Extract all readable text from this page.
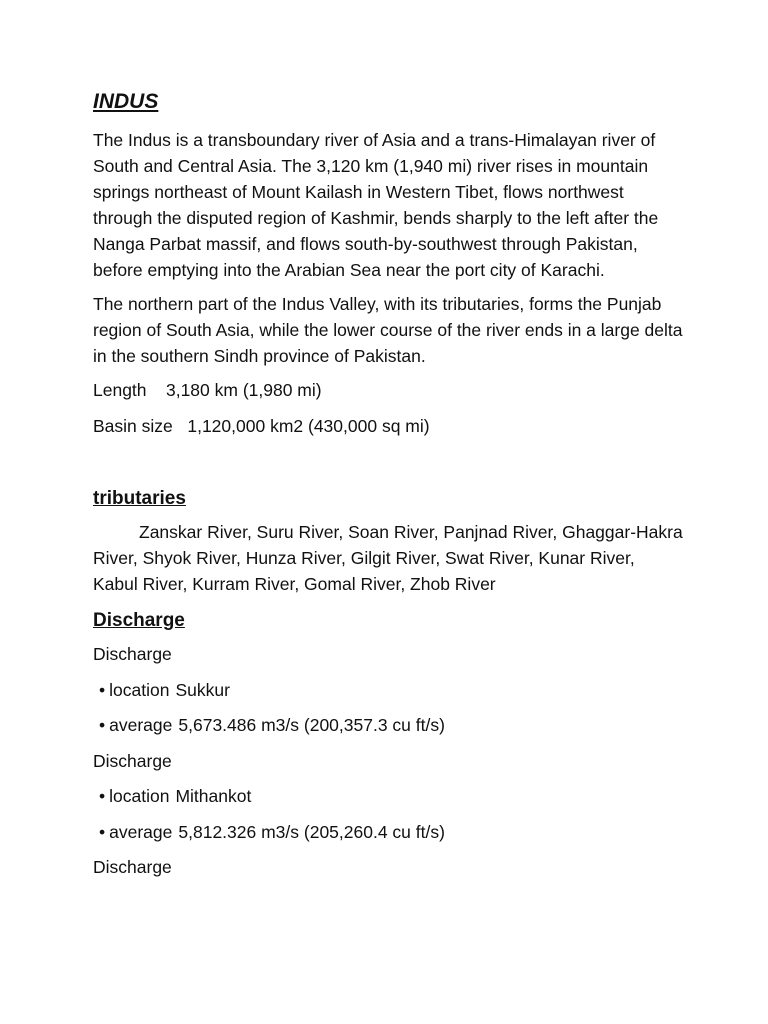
INDUS

The Indus is a transboundary river of Asia and a trans-Himalayan river of South and Central Asia. The 3,120 km (1,940 mi) river rises in mountain springs northeast of Mount Kailash in Western Tibet, flows northwest through the disputed region of Kashmir, bends sharply to the left after the Nanga Parbat massif, and flows south-by-southwest through Pakistan, before emptying into the Arabian Sea near the port city of Karachi.

The northern part of the Indus Valley, with its tributaries, forms the Punjab region of South Asia, while the lower course of the river ends in a large delta in the southern Sindh province of Pakistan.

Length 3,180 km (1,980 mi)
Basin size 1,120,000 km2 (430,000 sq mi)
tributaries

Zanskar River, Suru River, Soan River, Panjnad River, Ghaggar-Hakra River, Shyok River, Hunza River, Gilgit River, Swat River, Kunar River, Kabul River, Kurram River, Gomal River, Zhob River

Discharge
Discharge
• location Sukkur
• average 5,673.486 m3/s (200,357.3 cu ft/s)
Discharge
• location Mithankot
• average 5,812.326 m3/s (205,260.4 cu ft/s)
Discharge
